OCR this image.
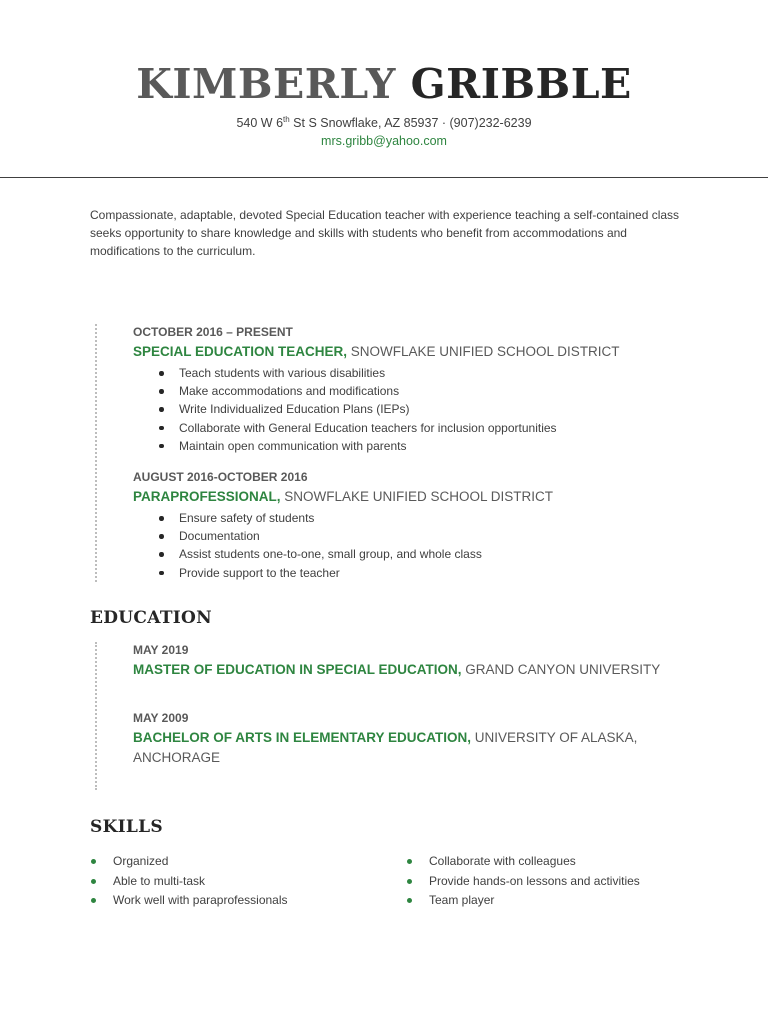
KIMBERLY GRIBBLE
540 W 6th St S Snowflake, AZ 85937 · (907)232-6239
mrs.gribb@yahoo.com
Compassionate, adaptable, devoted Special Education teacher with experience teaching a self-contained class seeks opportunity to share knowledge and skills with students who benefit from accommodations and modifications to the curriculum.
OCTOBER 2016 – PRESENT
SPECIAL EDUCATION TEACHER, SNOWFLAKE UNIFIED SCHOOL DISTRICT
Teach students with various disabilities
Make accommodations and modifications
Write Individualized Education Plans (IEPs)
Collaborate with General Education teachers for inclusion opportunities
Maintain open communication with parents
AUGUST 2016-OCTOBER 2016
PARAPROFESSIONAL, SNOWFLAKE UNIFIED SCHOOL DISTRICT
Ensure safety of students
Documentation
Assist students one-to-one, small group, and whole class
Provide support to the teacher
EDUCATION
MAY 2019
MASTER OF EDUCATION IN SPECIAL EDUCATION, GRAND CANYON UNIVERSITY
MAY 2009
BACHELOR OF ARTS IN ELEMENTARY EDUCATION, UNIVERSITY OF ALASKA, ANCHORAGE
SKILLS
Organized
Able to multi-task
Work well with paraprofessionals
Collaborate with colleagues
Provide hands-on lessons and activities
Team player
